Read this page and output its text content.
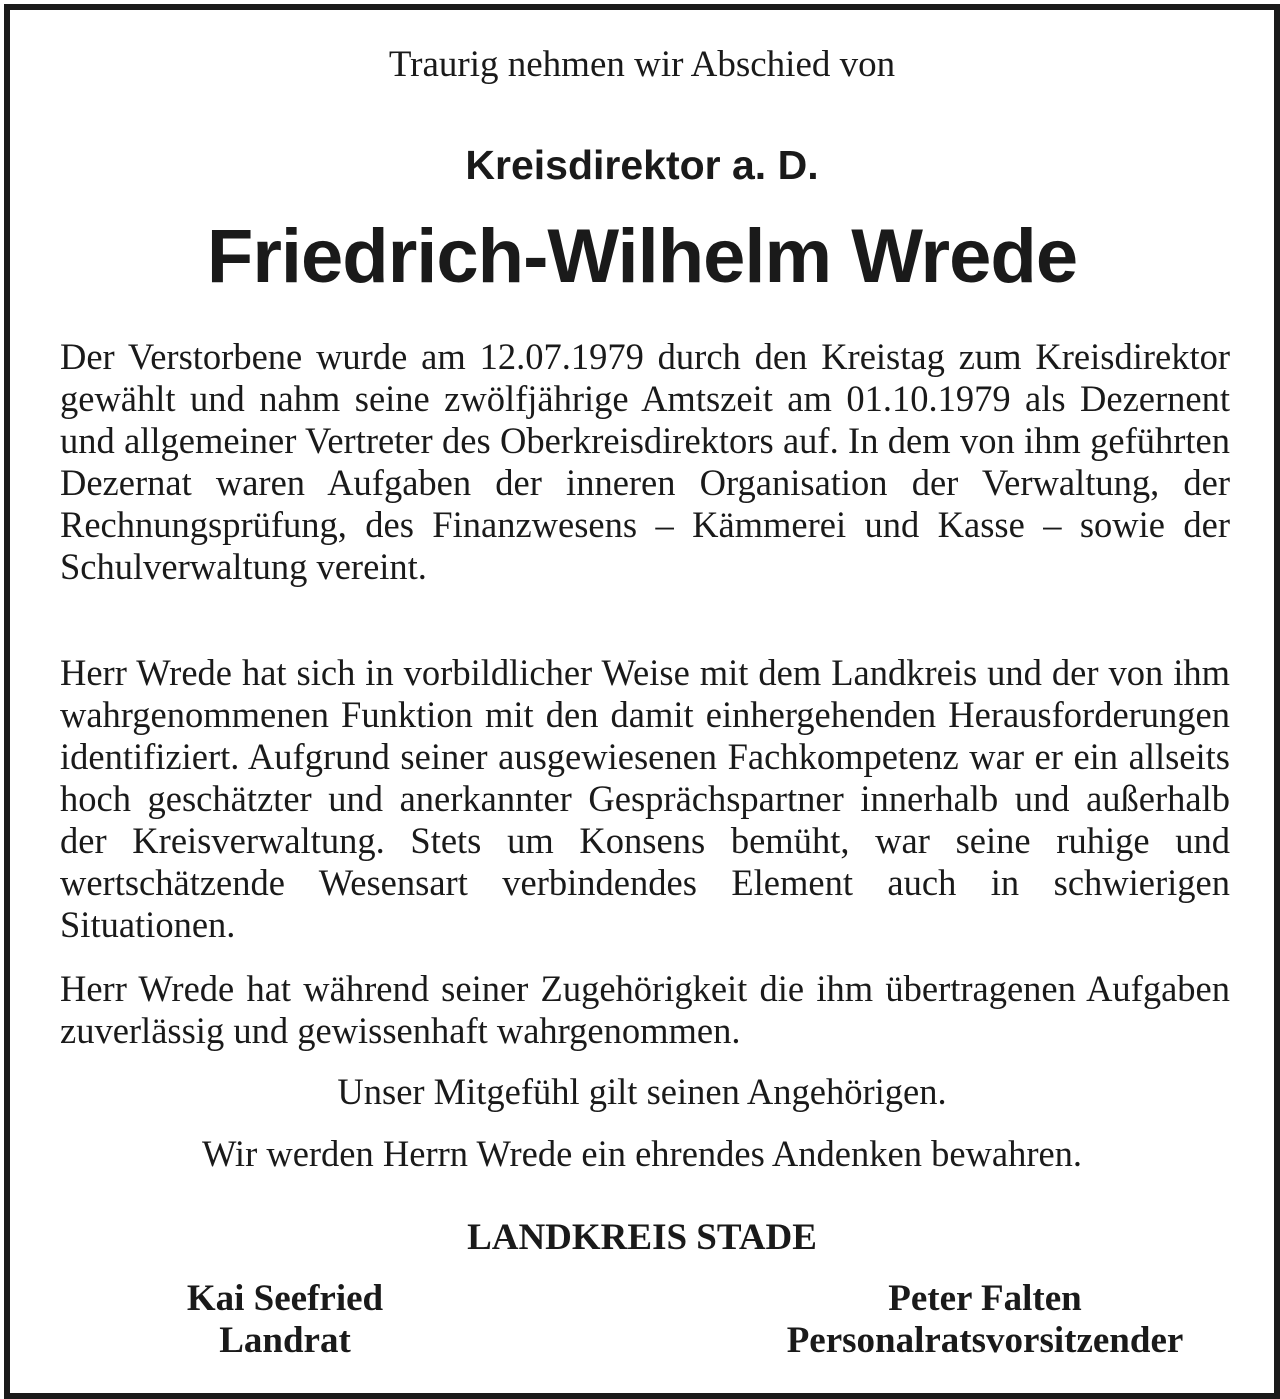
Traurig nehmen wir Abschied von
Kreisdirektor a. D.
Friedrich-Wilhelm Wrede

Der Verstorbene wurde am 12.07.1979 durch den Kreistag zum Kreisdirektor gewählt und nahm seine zwölfjährige Amtszeit am 01.10.1979 als Dezernent und allgemeiner Vertreter des Oberkreisdirektors auf. In dem von ihm geführten Dezernat waren Aufgaben der inneren Organisation der Verwaltung, der Rechnungsprüfung, des Finanzwesens – Kämmerei und Kasse – sowie der Schulverwaltung vereint.

Herr Wrede hat sich in vorbildlicher Weise mit dem Landkreis und der von ihm wahrgenommenen Funktion mit den damit einhergehenden Herausforderungen identifiziert. Aufgrund seiner ausgewiesenen Fachkompetenz war er ein allseits hoch geschätzter und anerkannter Gesprächspartner innerhalb und außerhalb der Kreisverwaltung. Stets um Konsens bemüht, war seine ruhige und wertschätzende Wesensart verbindendes Element auch in schwierigen Situationen.

Herr Wrede hat während seiner Zugehörigkeit die ihm übertragenen Aufgaben zuverlässig und gewissenhaft wahrgenommen.

Unser Mitgefühl gilt seinen Angehörigen.
Wir werden Herrn Wrede ein ehrendes Andenken bewahren.
LANDKREIS STADE
Kai Seefried
Landrat
Peter Falten
Personalratsvorsitzender
